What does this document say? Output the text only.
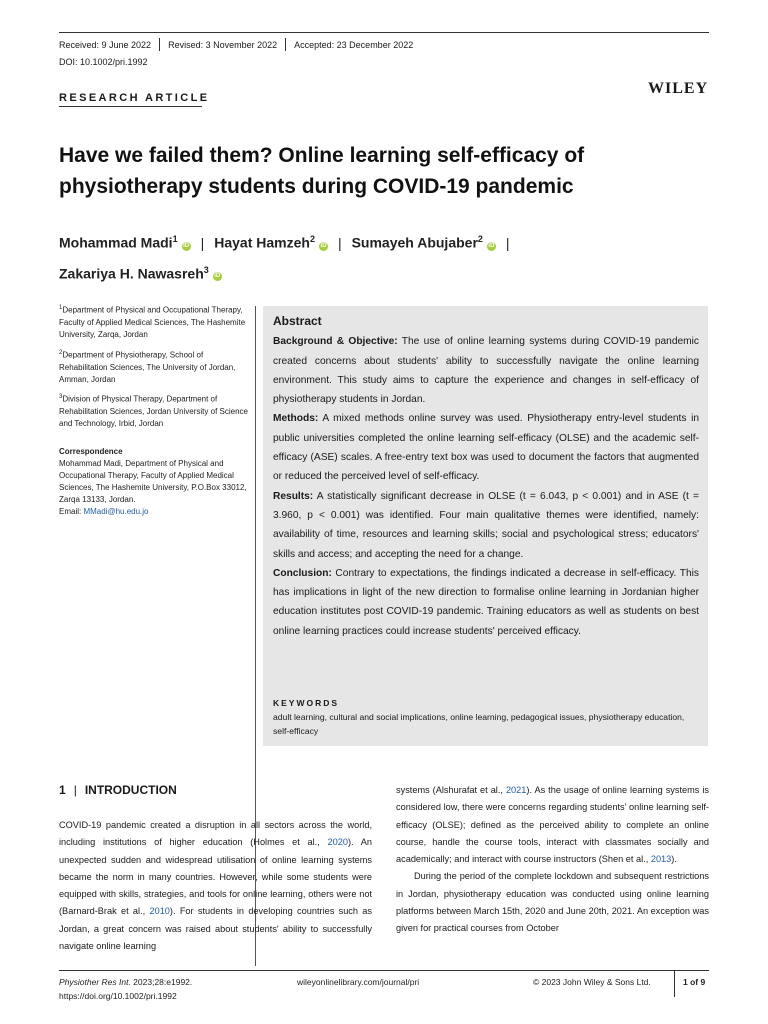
Received: 9 June 2022 Revised: 3 November 2022 Accepted: 23 December 2022
DOI: 10.1002/pri.1992
RESEARCH ARTICLE
WILEY
Have we failed them? Online learning self-efficacy of physiotherapy students during COVID-19 pandemic
Mohammad Madi$^1$iD | Hayat Hamzeh$^2$iD | Sumayeh Abujaber$^2$iD |
Zakariya H. Nawasreh$^3$iD
$^1$Department of Physical and Occupational Therapy, Faculty of Applied Medical Sciences, The Hashemite University, Zarqa, Jordan
$^2$Department of Physiotherapy, School of Rehabilitation Sciences, The University of Jordan, Amman, Jordan
$^3$Division of Physical Therapy, Department of Rehabilitation Sciences, Jordan University of Science and Technology, Irbid, Jordan
Correspondence
Mohammad Madi, Department of Physical and Occupational Therapy, Faculty of Applied Medical Sciences, The Hashemite University, P.O.Box 33012, Zarqa 13133, Jordan.
Email: MMadi@hu.edu.jo
Abstract
Background & Objective: The use of online learning systems during COVID-19 pandemic created concerns about students' ability to successfully navigate the online learning environment. This study aims to capture the experience and changes in self-efficacy of physiotherapy students in Jordan.
Methods: A mixed methods online survey was used. Physiotherapy entry-level students in public universities completed the online learning self-efficacy (OLSE) and the academic self-efficacy (ASE) scales. A free-entry text box was used to document the factors that augmented or reduced the perceived level of self-efficacy.
Results: A statistically significant decrease in OLSE (t = 6.043, p < 0.001) and in ASE (t = 3.960, p < 0.001) was identified. Four main qualitative themes were identified, namely: availability of time, resources and learning skills; social and psychological stress; educators' skills and access; and accepting the need for a change.
Conclusion: Contrary to expectations, the findings indicated a decrease in self-efficacy. This has implications in light of the new direction to formalise online learning in Jordanian higher education institutes post COVID-19 pandemic. Training educators as well as students on best online learning practices could increase students' perceived efficacy.
KEYWORDS
adult learning, cultural and social implications, online learning, pedagogical issues, physiotherapy education, self-efficacy
1 | INTRODUCTION
COVID-19 pandemic created a disruption in all sectors across the world, including institutions of higher education (Holmes et al., 2020). An unexpected sudden and widespread utilisation of online learning systems became the norm in many countries. However, while some students were equipped with skills, strategies, and tools for online learning, others were not (Barnard-Brak et al., 2010). For students in developing countries such as Jordan, a great concern was raised about students' ability to successfully navigate online learning
systems (Alshurafat et al., 2021). As the usage of online learning systems is considered low, there were concerns regarding students' online learning self-efficacy (OLSE); defined as the perceived ability to complete an online course, handle the course tools, interact with classmates socially and academically; and interact with course instructors (Shen et al., 2013).
During the period of the complete lockdown and subsequent restrictions in Jordan, physiotherapy education was conducted using online learning platforms between March 15th, 2020 and June 20th, 2021. An exception was given for practical courses from October
Physiother Res Int. 2023;28:e1992.
https://doi.org/10.1002/pri.1992
wileyonlinelibrary.com/journal/pri	© 2023 John Wiley & Sons Ltd.	1 of 9
